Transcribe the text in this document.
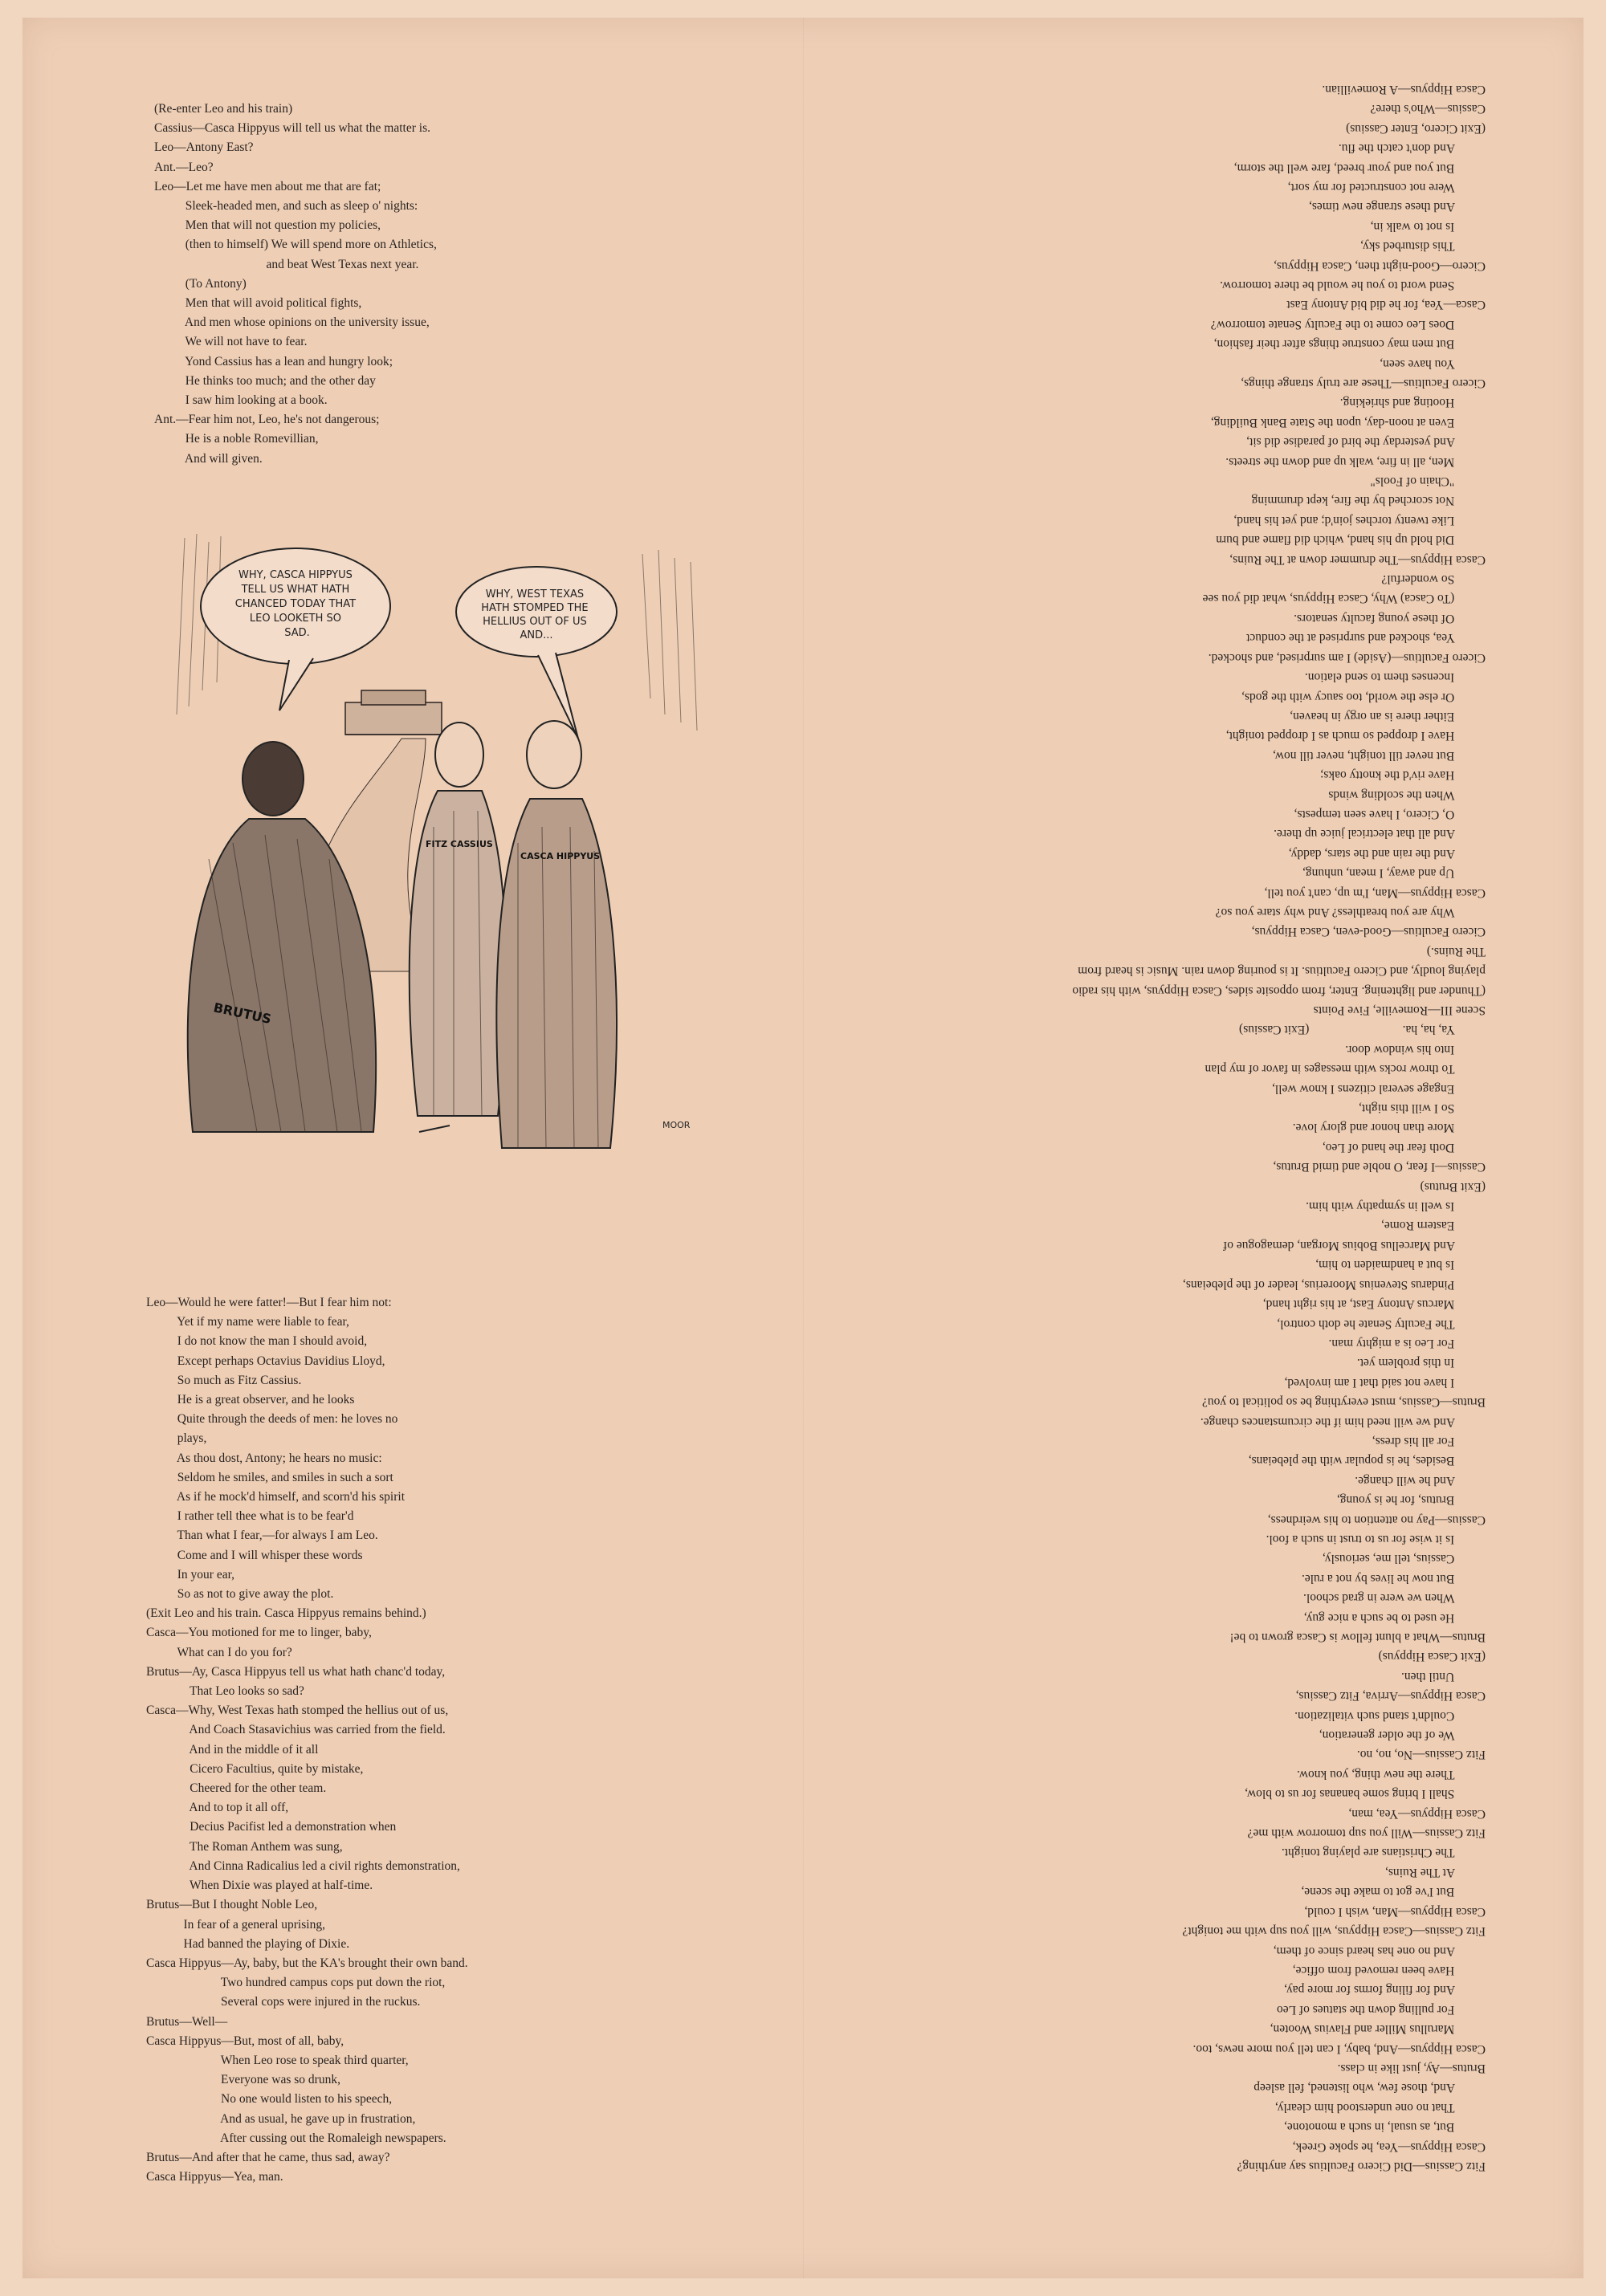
(Re-enter Leo and his train)
Cassius—Casca Hippyus will tell us what the matter is.
Leo—Antony East?
Ant.—Leo?
Leo—Let me have men about me that are fat;
Sleek-headed men, and such as sleep o' nights:
Men that will not question my policies,
(then to himself) We will spend more on Athletics,
and beat West Texas next year.
(To Antony)
Men that will avoid political fights,
And men whose opinions on the university issue,
We will not have to fear.
Yond Cassius has a lean and hungry look;
He thinks too much; and the other day
I saw him looking at a book.
Ant.—Fear him not, Leo, he's not dangerous;
He is a noble Romevillian,
And will given.
WHY, CASCA HIPPYUS TELL US WHAT HATH CHANCED TODAY THAT LEO LOOKETH SO SAD.
WHY, WEST TEXAS HATH STOMPED THE HELLIUS OUT OF US AND...
BRUTUS
FITZ CASSIUS
CASCA HIPPYUS
MOOR
Leo—Would he were fatter!—But I fear him not:
Yet if my name were liable to fear,
I do not know the man I should avoid,
Except perhaps Octavius Davidius Lloyd,
So much as Fitz Cassius.
He is a great observer, and he looks
Quite through the deeds of men: he loves no
plays,
As thou dost, Antony; he hears no music:
Seldom he smiles, and smiles in such a sort
As if he mock'd himself, and scorn'd his spirit
I rather tell thee what is to be fear'd
Than what I fear,—for always I am Leo.
Come and I will whisper these words
In your ear,
So as not to give away the plot.
(Exit Leo and his train. Casca Hippyus remains behind.)
Casca—You motioned for me to linger, baby,
What can I do you for?
Brutus—Ay, Casca Hippyus tell us what hath chanc'd today,
That Leo looks so sad?
Casca—Why, West Texas hath stomped the hellius out of us,
And Coach Stasavichius was carried from the field.
And in the middle of it all
Cicero Facultius, quite by mistake,
Cheered for the other team.
And to top it all off,
Decius Pacifist led a demonstration when
The Roman Anthem was sung,
And Cinna Radicalius led a civil rights demonstration,
When Dixie was played at half-time.
Brutus—But I thought Noble Leo,
In fear of a general uprising,
Had banned the playing of Dixie.
Casca Hippyus—Ay, baby, but the KA's brought their own band.
Two hundred campus cops put down the riot,
Several cops were injured in the ruckus.
Brutus—Well—
Casca Hippyus—But, most of all, baby,
When Leo rose to speak third quarter,
Everyone was so drunk,
No one would listen to his speech,
And as usual, he gave up in frustration,
After cussing out the Romaleigh newspapers.
Brutus—And after that he came, thus sad, away?
Casca Hippyus—Yea, man.
Fitz Cassius—Did Cicero Facultius say anything?
Casca Hippyus—Yea, he spoke Greek,
But, as usual, in such a monotone,
That no one understood him clearly,
And, those few, who listened, fell asleep
Brutus—Ay, just like in class.
Casca Hippyus—And, baby, I can tell you more news, too.
Marullus Miller and Flavius Wooten,
For pulling down the statues of Leo
And for filing forms for more pay,
Have been removed from office,
And no one has heard since of them,
Fitz Cassius—Casca Hippyus, will you sup with me tonight?
Casca Hippyus—Man, wish I could,
But I've got to make the scene,
At The Ruins,
The Christians are playing tonight.
Fitz Cassius—Will you sup tomorrow with me?
Casca Hippyus—Yea, man,
Shall I bring some bananas for us to blow,
There the new thing, you know.
Fitz Cassius—No, no, no.
We of the older generation,
Couldn't stand such vitalization.
Casca Hippyus—Arriva, Fitz Cassius,
Until then.
(Exit Casca Hippyus)
Brutus—What a blunt fellow is Casca grown to be!
He used to be such a nice guy,
When we were in grad school.
But now he lives by not a rule.
Cassius, tell me, seriously,
Is it wise for us to trust in such a fool.
Cassius—Pay no attention to his weirdness,
Brutus, for he is young,
And he will change.
Besides, he is popular with the plebeians,
For all his dress,
And we will need him if the circumstances change.
Brutus—Cassius, must everything be so political to you?
I have not said that I am involved,
In this problem yet.
For Leo is a mighty man.
The Faculty Senate he doth control,
Marcus Antony East, at his right hand,
Pindarus Stevenius Moorerius, leader of the plebeians,
Is but a handmaiden to him,
And Marcellus Bobius Morgan, demagogue of
Eastern Rome,
Is well in sympathy with him.
(Exit Brutus)
Cassius—I fear, O noble and timid Brutus,
Doth fear the hand of Leo,
More than honor and glory love.
So I will this night,
Engage several citizens I know well,
To throw rocks with messages in favor of my plan
Into his window door.
Ya, ha, ha.                              (Exit Cassius)
Scene III—Romeville, Five Points
(Thunder and lightening. Enter, from opposite sides, Casca Hippyus, with his radio
playing loudly, and Cicero Facultius. It is pouring down rain. Music is heard from
The Ruins.)
Cicero Facultius—Good-even, Casca Hippyus,
Why are you breathless? And why stare you so?
Casca Hippyus—Man, I'm up, can't you tell,
Up and away, I mean, unhung,
And the rain and the stars, daddy,
And all that electrical juice up there.
O, Cicero, I have seen tempests,
When the scolding winds
Have riv'd the knotty oaks;
But never till tonight, never till now,
Have I dropped so much as I dropped tonight,
Either there is an orgy in heaven,
Or else the world, too saucy with the gods,
Incenses them to send elation.
Cicero Facultius—(Aside) I am surprised, and shocked.
Yea, shocked and surprised at the conduct
Of these young faculty senators.
(To Casca) Why, Casca Hippyus, what did you see
So wonderful?
Casca Hippyus—The drummer down at The Ruins,
Did hold up his hand, which did flame and burn
Like twenty torches join'd; and yet his hand,
Not scorched by the fire, kept drumming
"Chain of Fools"
Men, all in fire, walk up and down the streets.
And yesterday the bird of paradise did sit,
Even at noon-day, upon the State Bank Building,
Hooting and shrieking.
Cicero Facultius—These are truly strange things,
You have seen,
But men may construe things after their fashion,
Does Leo come to the Faculty Senate tomorrow?
Casca—Yea, for he did bid Antony East
Send word to you he would be there tomorrow.
Cicero—Good-night then, Casca Hippyus,
This disturbed sky,
Is not to walk in,
And these strange new times,
Were not constructed for my sort,
But you and your breed, fare well the storm,
And don't catch the flu.
(Exit Cicero, Enter Cassius)
Cassius—Who's there?
Casca Hippyus—A Romevillian.
